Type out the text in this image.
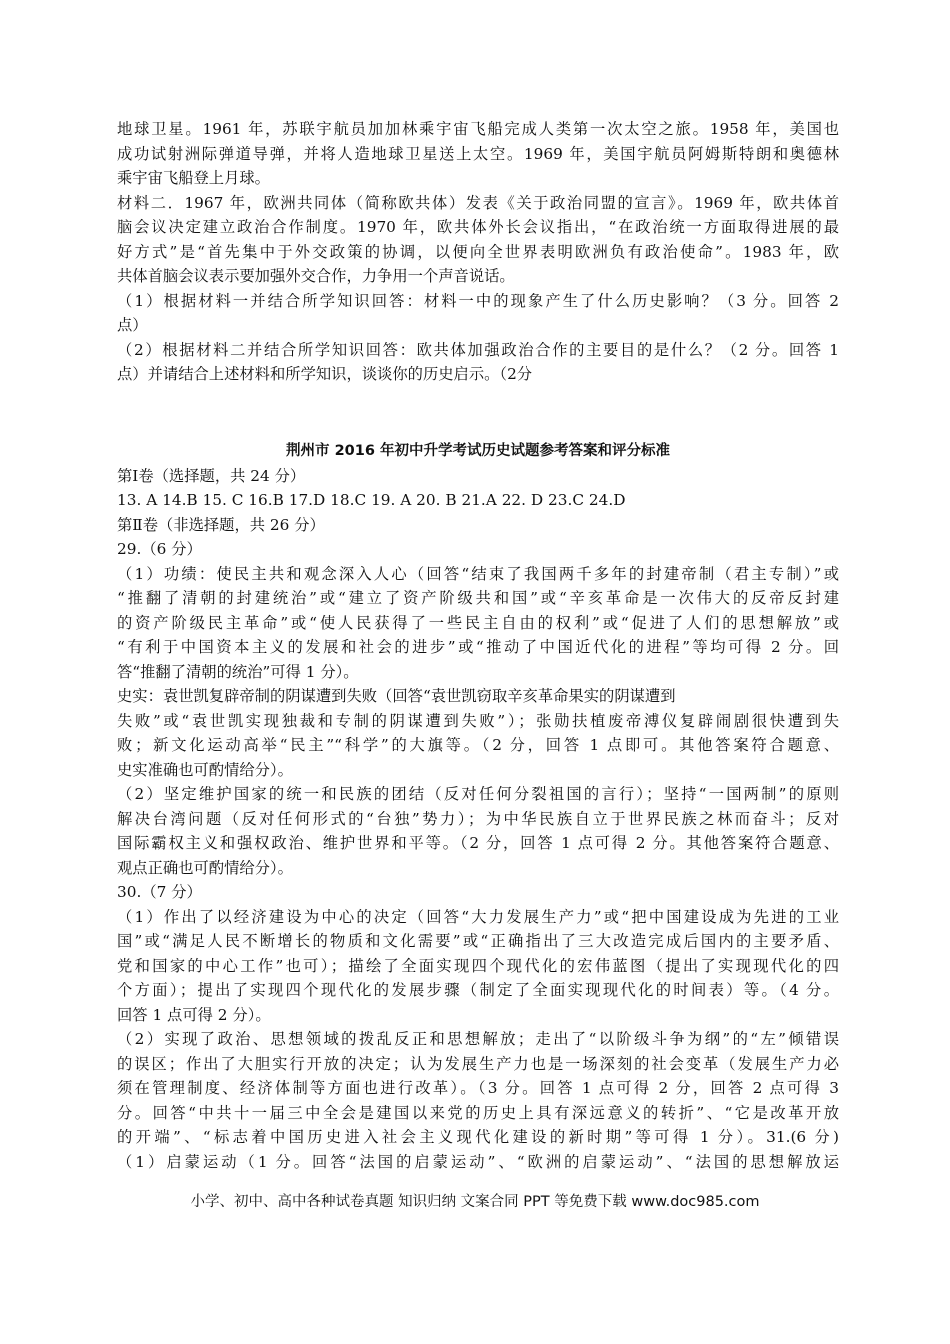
地球卫星。1961 年，苏联宇航员加加林乘宇宙飞船完成人类第一次太空之旅。1958 年，美国也
成功试射洲际弹道导弹，并将人造地球卫星送上太空。1969 年，美国宇航员阿姆斯特朗和奥德林
乘宇宙飞船登上月球。
材料二．1967 年，欧洲共同体（简称欧共体）发表《关于政治同盟的宣言》。1969 年，欧共体首
脑会议决定建立政治合作制度。1970 年，欧共体外长会议指出，“在政治统一方面取得进展的最
好方式”是“首先集中于外交政策的协调，以便向全世界表明欧洲负有政治使命”。1983 年，欧
共体首脑会议表示要加强外交合作，力争用一个声音说话。
（1）根据材料一并结合所学知识回答：材料一中的现象产生了什么历史影响？（3 分。回答 2
点）
（2）根据材料二并结合所学知识回答：欧共体加强政治合作的主要目的是什么？（2 分。回答 1
点）并请结合上述材料和所学知识，谈谈你的历史启示。（2分
荆州市 2016 年初中升学考试历史试题参考答案和评分标准
第Ⅰ卷（选择题，共 24 分）
13. A 14.B 15. C 16.B 17.D 18.C 19. A 20. B 21.A 22. D 23.C 24.D
第Ⅱ卷（非选择题，共 26 分）
29.（6 分）
（1）功绩：使民主共和观念深入人心（回答“结束了我国两千多年的封建帝制（君主专制）”或
“推翻了清朝的封建统治”或“建立了资产阶级共和国”或“辛亥革命是一次伟大的反帝反封建
的资产阶级民主革命”或“使人民获得了一些民主自由的权利”或“促进了人们的思想解放”或
“有利于中国资本主义的发展和社会的进步”或“推动了中国近代化的进程”等均可得 2 分。回
答“推翻了清朝的统治”可得 1 分）。
史实：袁世凯复辟帝制的阴谋遭到失败（回答“袁世凯窃取辛亥革命果实的阴谋遭到
失败”或“袁世凯实现独裁和专制的阴谋遭到失败”）；张勋扶植废帝溥仪复辟闹剧很快遭到失
败；新文化运动高举“民主”“科学”的大旗等。（2 分，回答 1 点即可。其他答案符合题意、
史实准确也可酌情给分）。
（2）坚定维护国家的统一和民族的团结（反对任何分裂祖国的言行）；坚持“一国两制”的原则
解决台湾问题（反对任何形式的“台独”势力）；为中华民族自立于世界民族之林而奋斗；反对
国际霸权主义和强权政治、维护世界和平等。（2 分，回答 1 点可得 2 分。其他答案符合题意、
观点正确也可酌情给分）。
30.（7 分）
（1）作出了以经济建设为中心的决定（回答“大力发展生产力”或“把中国建设成为先进的工业
国”或“满足人民不断增长的物质和文化需要”或“正确指出了三大改造完成后国内的主要矛盾、
党和国家的中心工作”也可）；描绘了全面实现四个现代化的宏伟蓝图（提出了实现现代化的四
个方面）；提出了实现四个现代化的发展步骤（制定了全面实现现代化的时间表）等。（4 分。
回答 1 点可得 2 分）。
（2）实现了政治、思想领域的拨乱反正和思想解放；走出了“以阶级斗争为纲”的“左”倾错误
的误区；作出了大胆实行开放的决定；认为发展生产力也是一场深刻的社会变革（发展生产力必
须在管理制度、经济体制等方面也进行改革）。（3 分。回答 1 点可得 2 分，回答 2 点可得 3
分。回答“中共十一届三中全会是建国以来党的历史上具有深远意义的转折”、“它是改革开放
的开端”、“标志着中国历史进入社会主义现代化建设的新时期”等可得 1 分）。31.(6 分)
（1）启蒙运动（1 分。回答“法国的启蒙运动”、“欧洲的启蒙运动”、“法国的思想解放运
小学、初中、高中各种试卷真题 知识归纳 文案合同 PPT 等免费下载 www.doc985.com
